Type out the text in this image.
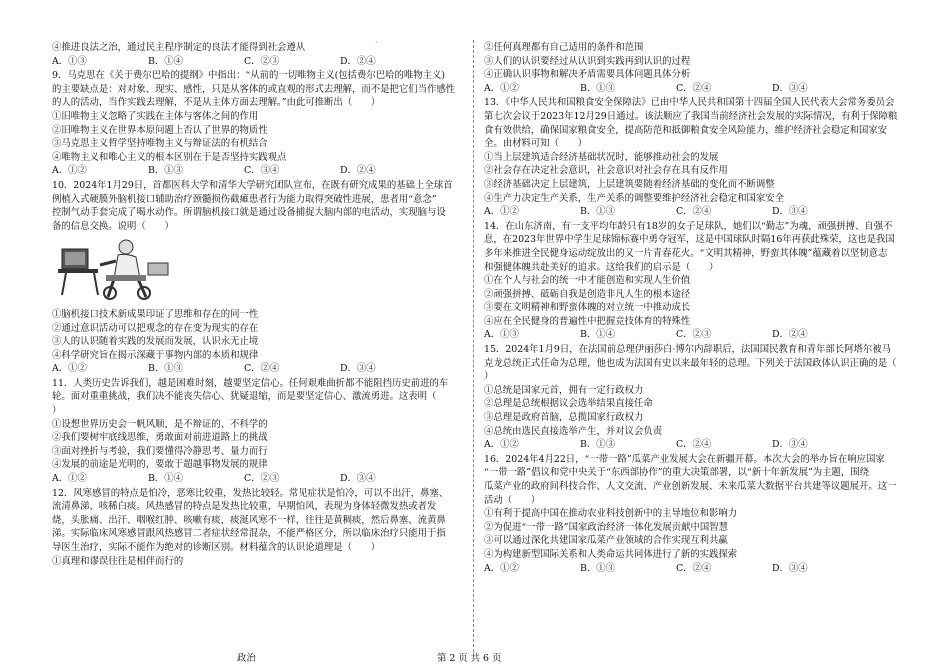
·
④推进良法之治，通过民主程序制定的良法才能得到社会遵从
A．①③	B．①④	C．②③	D．②④
9．马克思在《关于费尔巴哈的提纲》中指出：“从前的一切唯物主义(包括费尔巴哈的唯物主义)
的主要缺点是：对对象、现实、感性，只是从客体的或直观的形式去理解，而不是把它们当作感性
的人的活动，当作实践去理解，不是从主体方面去理解。”由此可推断出（　　）
①旧唯物主义忽略了实践在主体与客体之间的作用
②旧唯物主义在世界本原问题上否认了世界的物质性
③马克思主义哲学坚持唯物主义与辩证法的有机结合
④唯物主义和唯心主义的根本区别在于是否坚持实践观点
A．①②	B．①③	C．③④	D．②④
10．2024年1月29日，首都医科大学和清华大学研究团队宣布，在既有研究成果的基础上全球首
例植入式硬膜外脑机接口辅助治疗颈髓损伤截瘫患者行为能力取得突破性进展，患者用“意念”
控制气动手套完成了喝水动作。所谓脑机接口就是通过设备捕捉大脑内部的电活动，实现脑与设
备的信息交换。说明（　　）
①脑机接口技术新成果印证了思维和存在的同一性
②通过意识活动可以把观念的存在变为现实的存在
③人的认识随着实践的发展而发展，认识永无止境
④科学研究旨在揭示深藏于事物内部的本质和规律
A．①②	B．①③	C．②④	D．③④
11．人类历史告诉我们，越是困难时刻，越要坚定信心。任何艰难曲折都不能阻挡历史前进的车
轮。面对重重挑战，我们决不能丧失信心、犹疑退缩，而是要坚定信心、激流勇进。这表明（
）
①设想世界历史会一帆风顺，是不辩证的、不科学的
②我们要树牢底线思维，勇敢面对前进道路上的挑战
③面对挫折与考验，我们要懂得冷静思考、量力而行
④发展的前途是光明的，要敢于超越事物发展的规律
A．①②	B．①④	C．②③	D．③④
12．风寒感冒的特点是怕冷，恶寒比较重，发热比较轻。常见症状是怕冷，可以不出汗，鼻塞、
流清鼻涕、咳稀白痰。风热感冒的特点是发热比较重，早期怕风，表现为身体轻微发热或者发
烧，头胀痛、出汗、咽喉红肿、咳嗽有痰，痰涎风寒不一样，往往是黄稠痰，然后鼻塞、流黄鼻
涕。实际临床风寒感冒跟风热感冒二者症状经常混杂，不能严格区分，所以临床治疗只能用于指
导医生治疗，实际不能作为绝对的诊断区别。材料蕴含的认识论道理是（　　）
①真理和谬误往往是相伴而行的
②任何真理都有自己适用的条件和范围
③人们的认识要经过从认识到实践再到认识的过程
④正确认识事物和解决矛盾需要具体问题具体分析
A．①②	B．①③	C．②④	D．③④
13．《中华人民共和国粮食安全保障法》已由中华人民共和国第十四届全国人民代表大会常务委员会
第七次会议于2023年12月29日通过。该法顺应了我国当前经济社会发展的实际情况，有利于保障粮
食有效供给，确保国家粮食安全，提高防范和抵御粮食安全风险能力，维护经济社会稳定和国家安
全。由材料可知（　　）
①当上层建筑适合经济基础状况时，能够推动社会的发展
②社会存在决定社会意识，社会意识对社会存在具有反作用
③经济基础决定上层建筑，上层建筑要随着经济基础的变化而不断调整
④生产力决定生产关系，生产关系的调整要维护经济社会稳定和国家安全
A．①②	B．①③	C．②④	D．③④
14．在山东济南，有一支平均年龄只有18岁的女子足球队，她们以“勤志”为魂，顽强拼搏、自强不
息，在2023年世界中学生足球锦标赛中勇夺冠军，这是中国球队时隔16年再获此殊荣，这也是我国
多年来推进全民健身运动绽放出的又一片青春花火。“文明其精神，野蛮其体魄”蕴藏着以坚韧意志
和强健体魄共赴美好的追求。这给我们的启示是（　　）
①在个人与社会的统一中才能创造和实现人生价值
②顽强拼搏、砥砺自我是创造非凡人生的根本途径
③要在文明精神和野蛮体魄的对立统一中推动成长
④应在全民健身的普遍性中把握竞技体育的特殊性
A．①③	B．①④	C．②③	D．②④
15．2024年1月9日，在法国前总理伊丽莎白·博尔内辞职后，法国国民教育和青年部长阿塔尔被马
克龙总统正式任命为总理，他也成为法国有史以来最年轻的总理。下列关于法国政体认识正确的是（
）
①总统是国家元首，拥有一定行政权力
②总理是总统根据议会选举结果直接任命
③总理是政府首脑，总揽国家行政权力
④总统由选民直接选举产生，并对议会负责
A．①②	B．①③	C．②④	D．③④
16．2024年4月22日，“一带一路”瓜菜产业发展大会在新疆开幕。本次大会的举办旨在响应国家
“一带一路”倡议和党中央关于“东西部协作”的重大决策部署，以“新十年新发展”为主题，围绕
瓜菜产业的政府间科技合作、人文交流、产业创新发展、未来瓜菜大数据平台共建等议题展开。这一
活动（　　）
①有利于提高中国在推动农业科技创新中的主导地位和影响力
②为促进“一带一路”国家政治经济一体化发展贡献中国智慧
③可以通过深化共建国家瓜菜产业领域的合作实现互利共赢
④为构建新型国际关系和人类命运共同体进行了新的实践探索
A．①②	B．①③	C．②④	D．③④
政治	第 2 页 共 6 页
